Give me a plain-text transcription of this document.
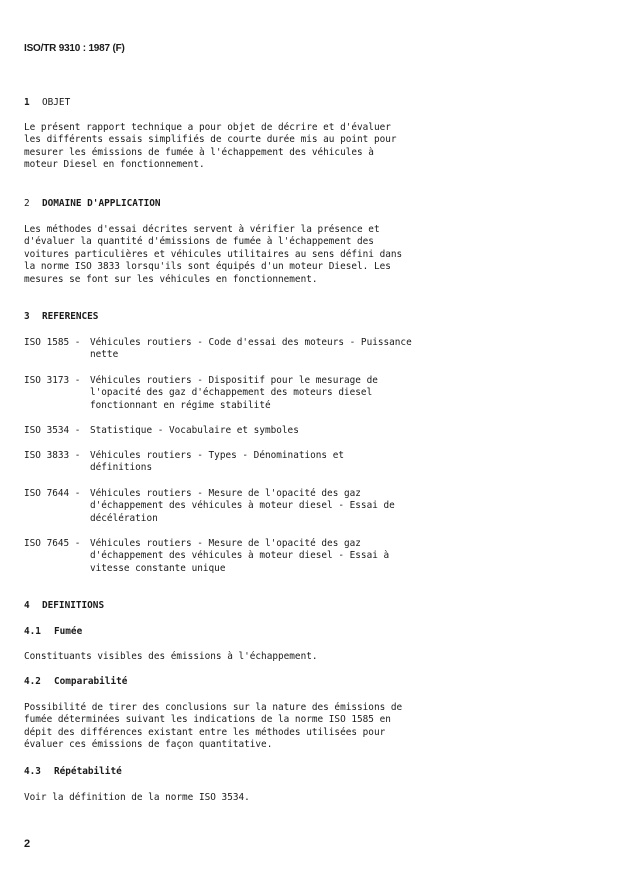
ISO/TR 9310 : 1987 (F)
1 OBJET

Le présent rapport technique a pour objet de décrire et d'évaluer
les différents essais simplifiés de courte durée mis au point pour
mesurer les émissions de fumée à l'échappement des véhicules à
moteur Diesel en fonctionnement.

2 DOMAINE D'APPLICATION

Les méthodes d'essai décrites servent à vérifier la présence et
d'évaluer la quantité d'émissions de fumée à l'échappement des
voitures particulières et véhicules utilitaires au sens défini dans
la norme ISO 3833 lorsqu'ils sont équipés d'un moteur Diesel. Les
mesures se font sur les véhicules en fonctionnement.

3 REFERENCES
ISO 1585 -	Véhicules routiers - Code d'essai des moteurs - Puissance
nette
ISO 3173 -	Véhicules routiers - Dispositif pour le mesurage de
l'opacité des gaz d'échappement des moteurs diesel
fonctionnant en régime stabilité
ISO 3534 -	Statistique - Vocabulaire et symboles
ISO 3833 -	Véhicules routiers - Types - Dénominations et
définitions
ISO 7644 -	Véhicules routiers - Mesure de l'opacité des gaz
d'échappement des véhicules à moteur diesel - Essai de
décélération
ISO 7645 -	Véhicules routiers - Mesure de l'opacité des gaz
d'échappement des véhicules à moteur diesel - Essai à
vitesse constante unique
4 DEFINITIONS
4.1 Fumée

Constituants visibles des émissions à l'échappement.

4.2 Comparabilité

Possibilité de tirer des conclusions sur la nature des émissions de
fumée déterminées suivant les indications de la norme ISO 1585 en
dépit des différences existant entre les méthodes utilisées pour
évaluer ces émissions de façon quantitative.

4.3 Répétabilité

Voir la définition de la norme ISO 3534.

2
